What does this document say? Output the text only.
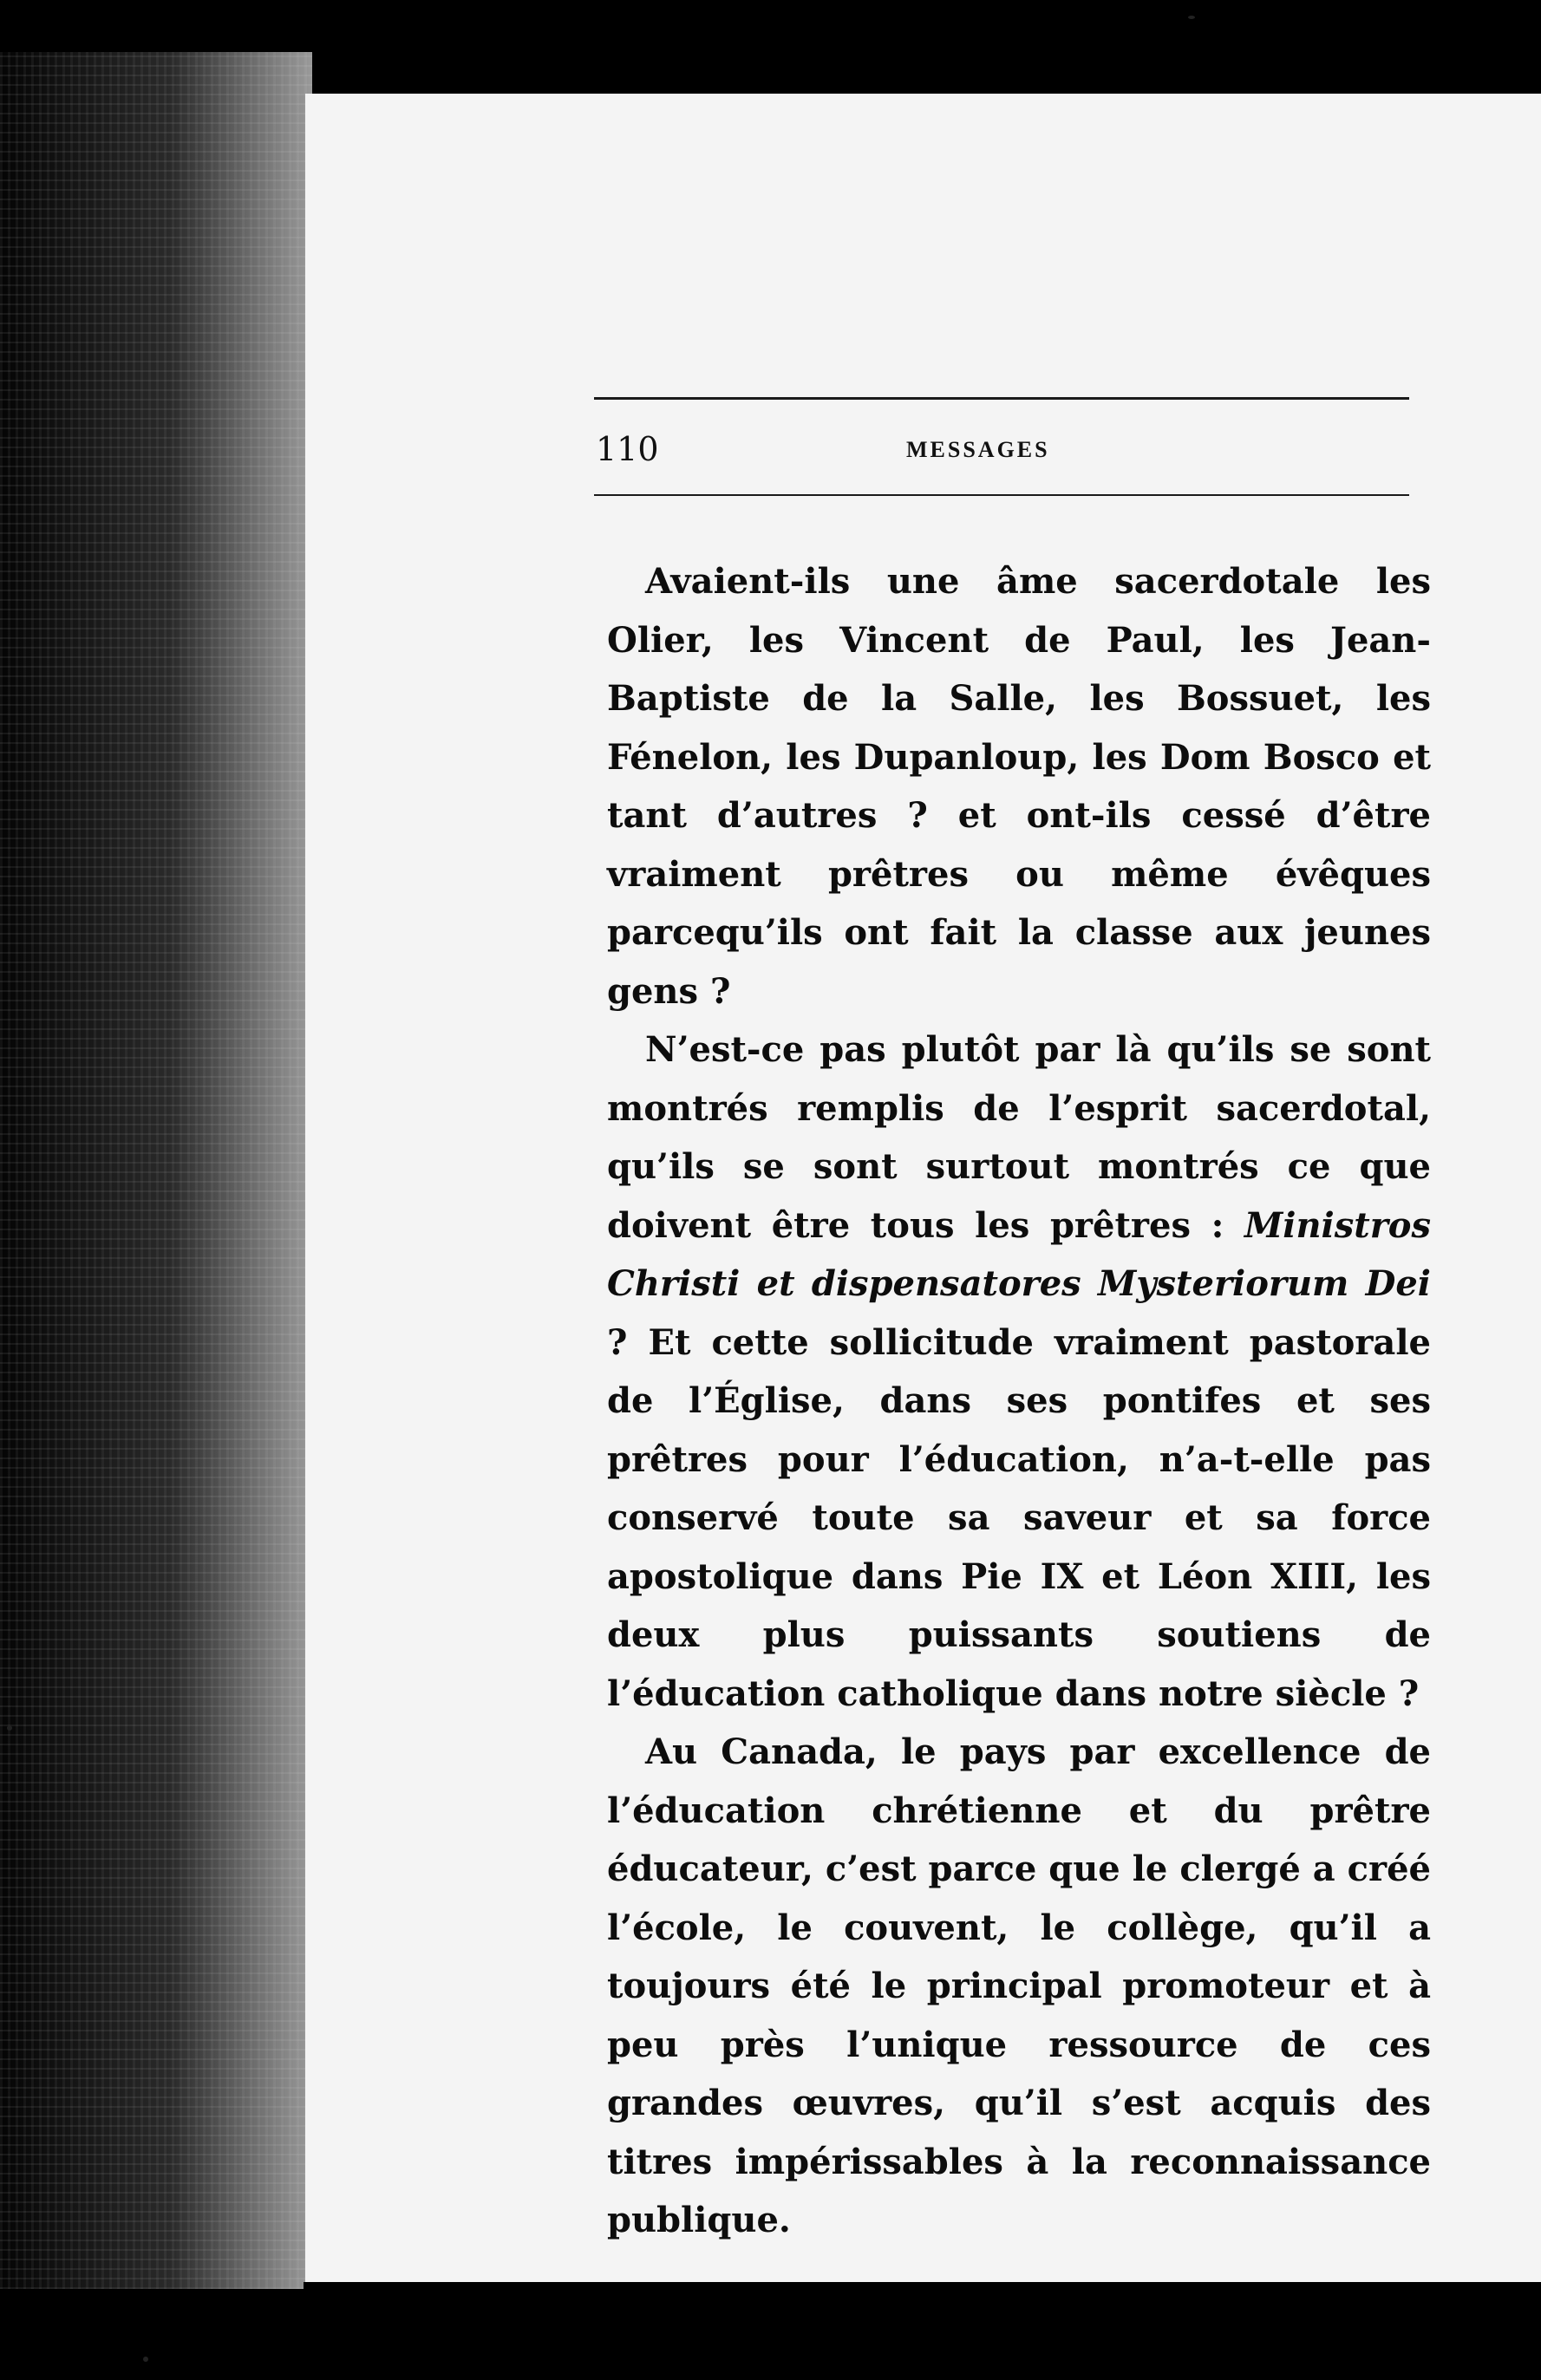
110	MESSAGES

Avaient-ils une âme sacerdotale les Olier, les Vincent de Paul, les Jean-Baptiste de la Salle, les Bossuet, les Fénelon, les Dupanloup, les Dom Bosco et tant d’autres ? et ont-ils cessé d’être vraiment prêtres ou même évêques parcequ’ils ont fait la classe aux jeunes gens ?

N’est-ce pas plutôt par là qu’ils se sont montrés remplis de l’esprit sacerdotal, qu’ils se sont surtout montrés ce que doivent être tous les prêtres : Ministros Christi et dispensatores Mysteriorum Dei ? Et cette sollicitude vraiment pastorale de l’Église, dans ses pontifes et ses prêtres pour l’éducation, n’a-t-elle pas conservé toute sa saveur et sa force apostolique dans Pie IX et Léon XIII, les deux plus puissants soutiens de l’éducation catholique dans notre siècle ?

Au Canada, le pays par excellence de l’éducation chrétienne et du prêtre éducateur, c’est parce que le clergé a créé l’école, le couvent, le collège, qu’il a toujours été le principal promoteur et à peu près l’unique ressource de ces grandes œuvres, qu’il s’est acquis des titres impérissables à la reconnaissance publique.
